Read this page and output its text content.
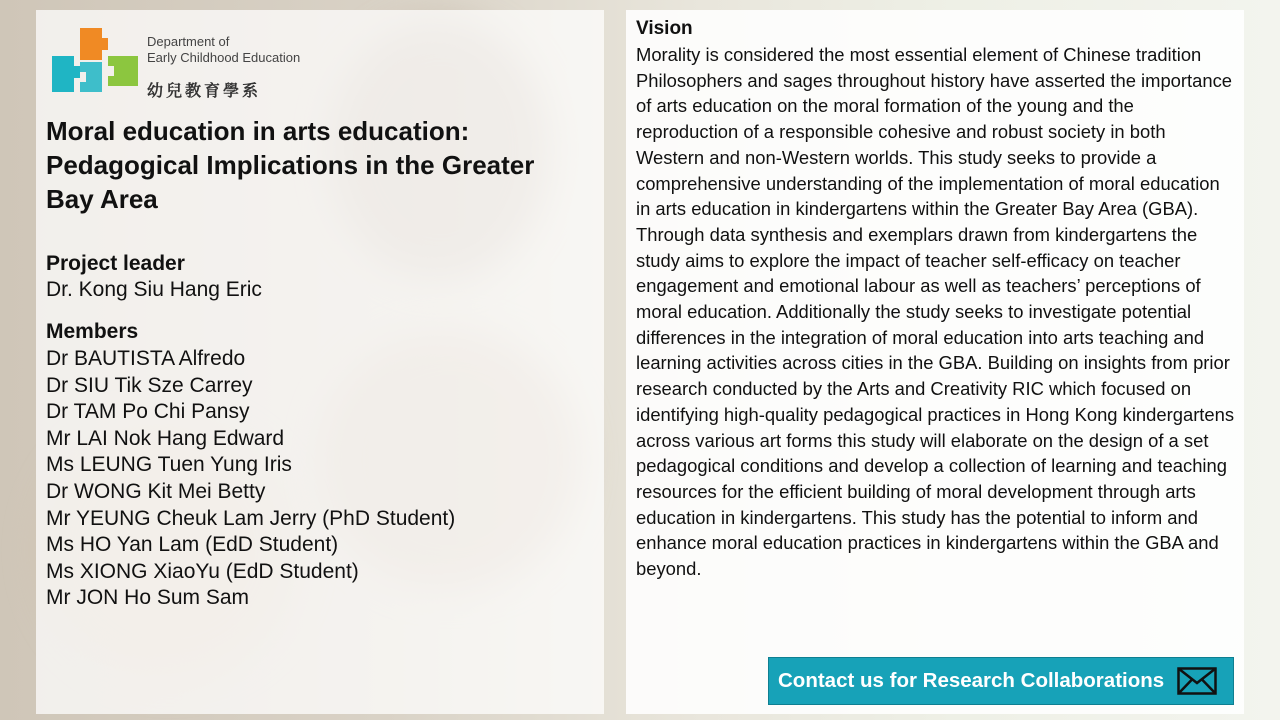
Department of
Early Childhood Education
幼兒教育學系
Moral education in arts education: Pedagogical Implications in the Greater Bay Area
Project leader
Dr. Kong Siu Hang Eric
Members
Dr BAUTISTA Alfredo
Dr SIU Tik Sze Carrey
Dr TAM Po Chi Pansy
Mr LAI Nok Hang Edward
Ms LEUNG Tuen Yung Iris
Dr WONG Kit Mei Betty
Mr YEUNG Cheuk Lam Jerry (PhD Student)
Ms HO Yan Lam (EdD Student)
Ms XIONG XiaoYu (EdD Student)
Mr JON Ho Sum Sam
Vision

Morality is considered the most essential element of Chinese tradition Philosophers and sages throughout history have asserted the importance of arts education on the moral formation of the young and the reproduction of a responsible cohesive and robust society in both Western and non-Western worlds. This study seeks to provide a comprehensive understanding of the implementation of moral education in arts education in kindergartens within the Greater Bay Area (GBA). Through data synthesis and exemplars drawn from kindergartens the study aims to explore the impact of teacher self-efficacy on teacher engagement and emotional labour as well as teachers’ perceptions of moral education. Additionally the study seeks to investigate potential differences in the integration of moral education into arts teaching and learning activities across cities in the GBA. Building on insights from prior research conducted by the Arts and Creativity RIC which focused on identifying high-quality pedagogical practices in Hong Kong kindergartens across various art forms this study will elaborate on the design of a set pedagogical conditions and develop a collection of learning and teaching resources for the efficient building of moral development through arts education in kindergartens. This study has the potential to inform and enhance moral education practices in kindergartens within the GBA and beyond.

Contact us for Research Collaborations
